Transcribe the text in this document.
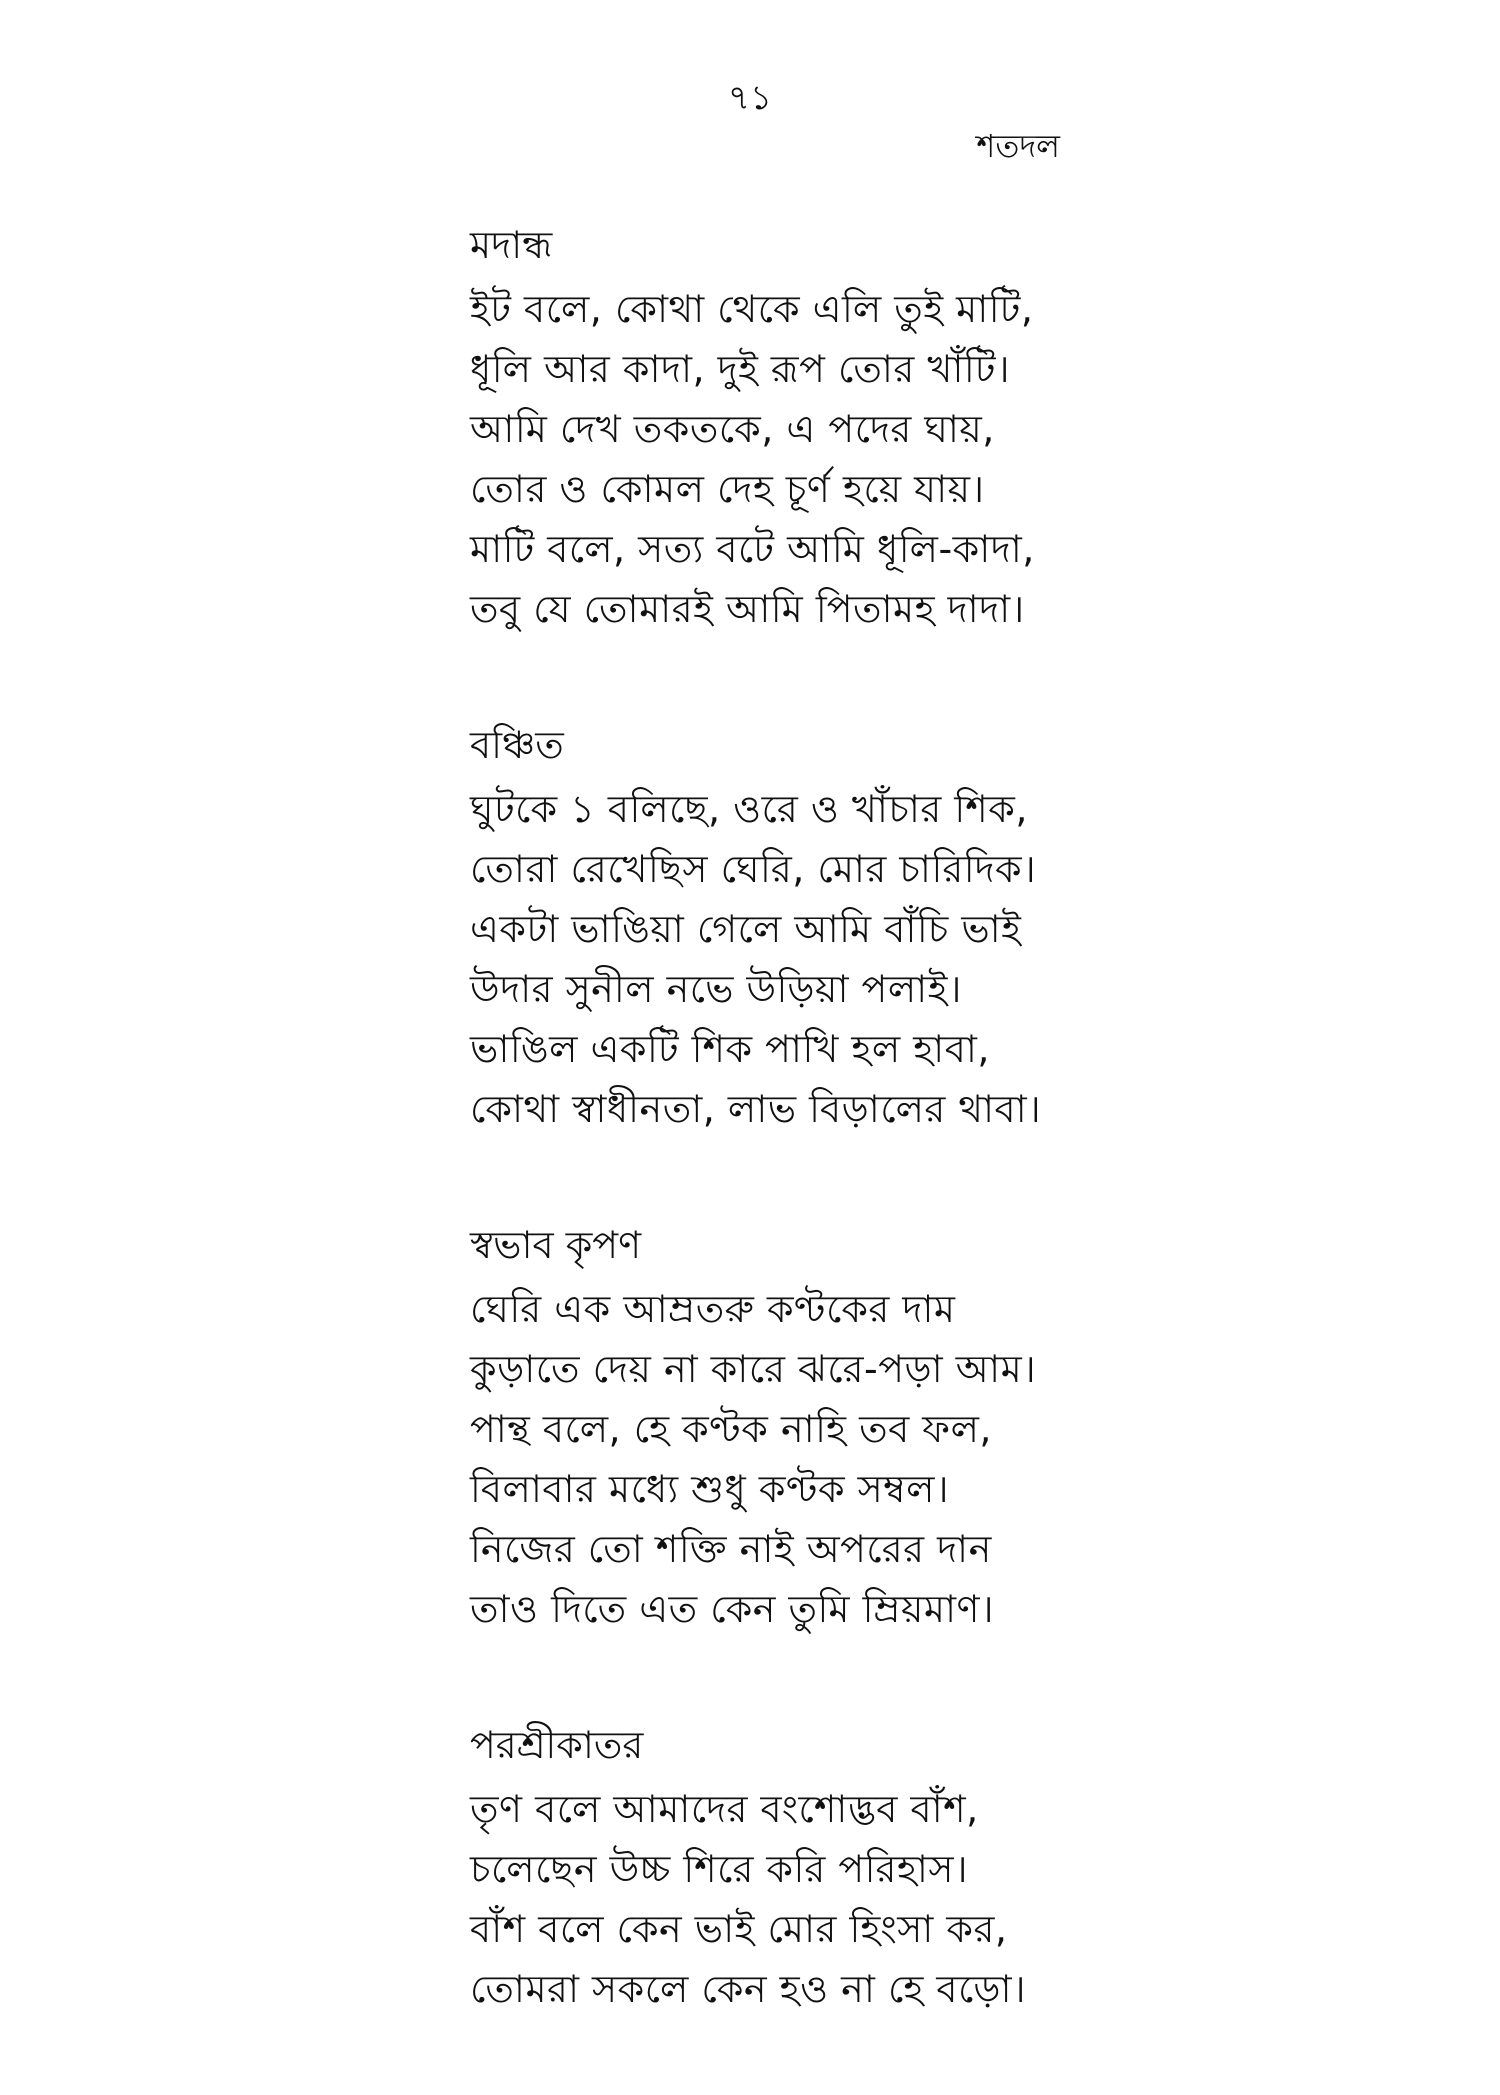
৭১
শতদল
মদান্ধ
ইট বলে, কোথা থেকে এলি তুই মাটি,
ধূলি আর কাদা, দুই রূপ তোর খাঁটি।
আমি দেখ তকতকে, এ পদের ঘায়,
তোর ও কোমল দেহ চূর্ণ হয়ে যায়।
মাটি বলে, সত্য বটে আমি ধূলি-কাদা,
তবু যে তোমারই আমি পিতামহ দাদা।
বঞ্চিত
ঘুটকে ১ বলিছে, ওরে ও খাঁচার শিক,
তোরা রেখেছিস ঘেরি, মোর চারিদিক।
একটা ভাঙিয়া গেলে আমি বাঁচি ভাই
উদার সুনীল নভে উড়িয়া পলাই।
ভাঙিল একটি শিক পাখি হল হাবা,
কোথা স্বাধীনতা, লাভ বিড়ালের থাবা।
স্বভাব কৃপণ
ঘেরি এক আম্রতরু কণ্টকের দাম
কুড়াতে দেয় না কারে ঝরে-পড়া আম।
পান্থ বলে, হে কণ্টক নাহি তব ফল,
বিলাবার মধ্যে শুধু কণ্টক সম্বল।
নিজের তো শক্তি নাই অপরের দান
তাও দিতে এত কেন তুমি ম্রিয়মাণ।
পরশ্রীকাতর
তৃণ বলে আমাদের বংশোদ্ভব বাঁশ,
চলেছেন উচ্চ শিরে করি পরিহাস।
বাঁশ বলে কেন ভাই মোর হিংসা কর,
তোমরা সকলে কেন হও না হে বড়ো।
